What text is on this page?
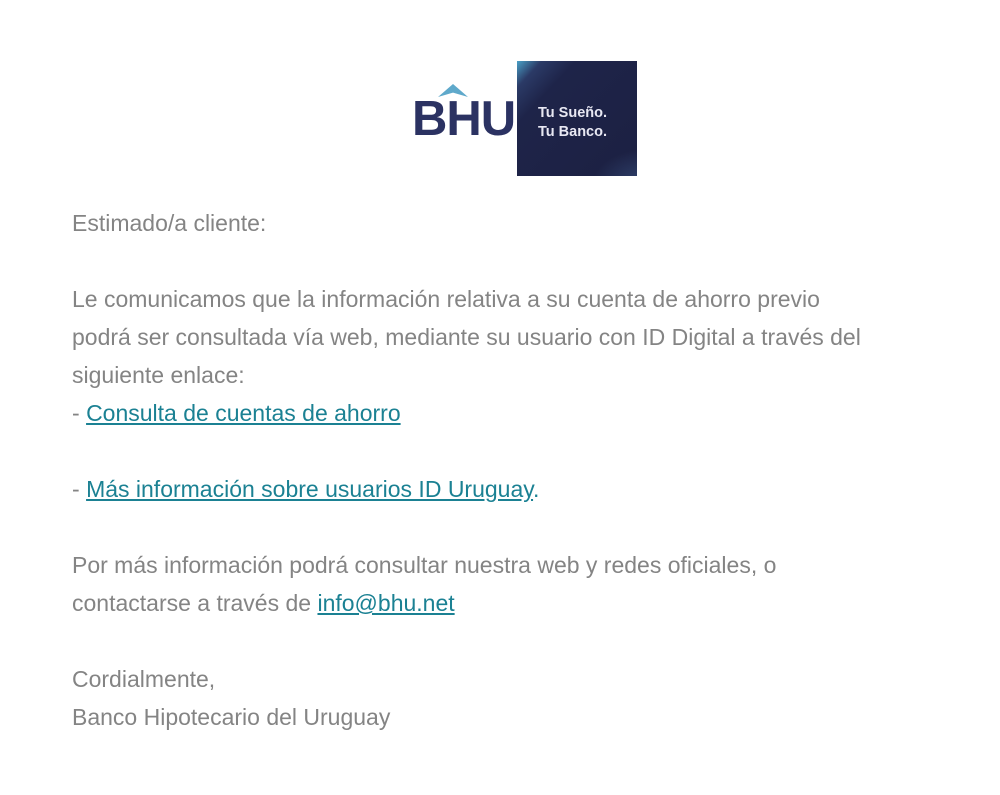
BHU Tu Sueño.
Tu Banco.

Estimado/a cliente:

Le comunicamos que la información relativa a su cuenta de ahorro previo
podrá ser consultada vía web, mediante su usuario con ID Digital a través del
siguiente enlace:
- Consulta de cuentas de ahorro

- Más información sobre usuarios ID Uruguay.

Por más información podrá consultar nuestra web y redes oficiales, o
contactarse a través de info@bhu.net

Cordialmente,
Banco Hipotecario del Uruguay
